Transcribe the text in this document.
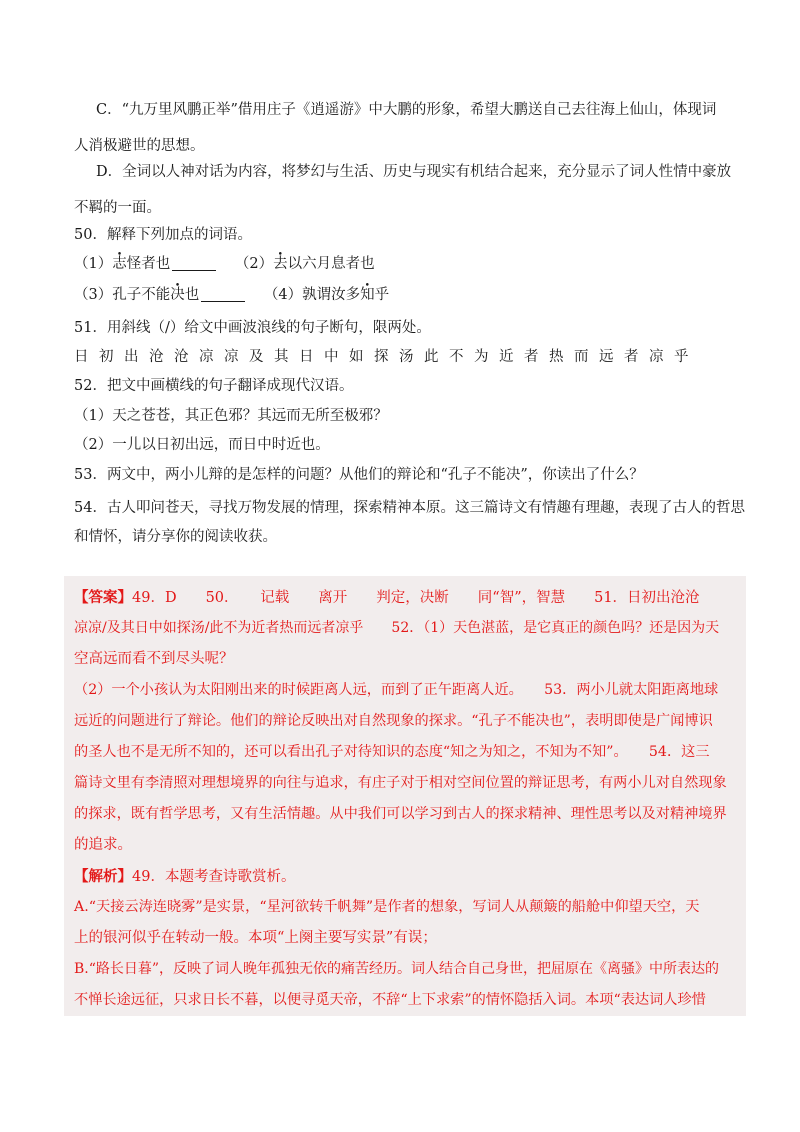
C．“九万里风鹏正举”借用庄子《逍遥游》中大鹏的形象，希望大鹏送自己去往海上仙山，体现词
人消极避世的思想。
D．全词以人神对话为内容，将梦幻与生活、历史与现实有机结合起来，充分显示了词人性情中豪放
不羁的一面。
50．解释下列加点的词语。
（1）志怪者也	（2）去以六月息者也
（3）孔子不能决也	（4）孰谓汝多知乎
51．用斜线（/）给文中画波浪线的句子断句，限两处。
日初出沧沧凉凉及其日中如探汤此不为近者热而远者凉乎
52．把文中画横线的句子翻译成现代汉语。
（1）天之苍苍，其正色邪？其远而无所至极邪？
（2）一儿以日初出远，而日中时近也。
53．两文中，两小儿辩的是怎样的问题？从他们的辩论和“孔子不能决”，你读出了什么？
54．古人叩问苍天，寻找万物发展的情理，探索精神本原。这三篇诗文有情趣有理趣，表现了古人的哲思
和情怀，请分享你的阅读收获。
【答案】49．D　　50．　　记载　　离开　　判定，决断　　同“智”，智慧　　51．日初出沧沧
凉凉/及其日中如探汤/此不为近者热而远者凉乎　　52．（1）天色湛蓝，是它真正的颜色吗？还是因为天
空高远而看不到尽头呢？
（2）一个小孩认为太阳刚出来的时候距离人远，而到了正午距离人近。　　53．两小儿就太阳距离地球
远近的问题进行了辩论。他们的辩论反映出对自然现象的探求。“孔子不能决也”，表明即使是广闻博识
的圣人也不是无所不知的，还可以看出孔子对待知识的态度“知之为知之，不知为不知”。　　54．这三
篇诗文里有李清照对理想境界的向往与追求，有庄子对于相对空间位置的辩证思考，有两小儿对自然现象
的探求，既有哲学思考，又有生活情趣。从中我们可以学习到古人的探求精神、理性思考以及对精神境界
的追求。
【解析】49．本题考查诗歌赏析。
A.“天接云涛连晓雾”是实景，“星河欲转千帆舞”是作者的想象，写词人从颠簸的船舱中仰望天空，天
上的银河似乎在转动一般。本项“上阕主要写实景”有误；
B.“路长日暮”，反映了词人晚年孤独无依的痛苦经历。词人结合自己身世，把屈原在《离骚》中所表达的
不惮长途远征，只求日长不暮，以便寻觅天帝，不辞“上下求索”的情怀隐括入词。本项“表达词人珍惜
